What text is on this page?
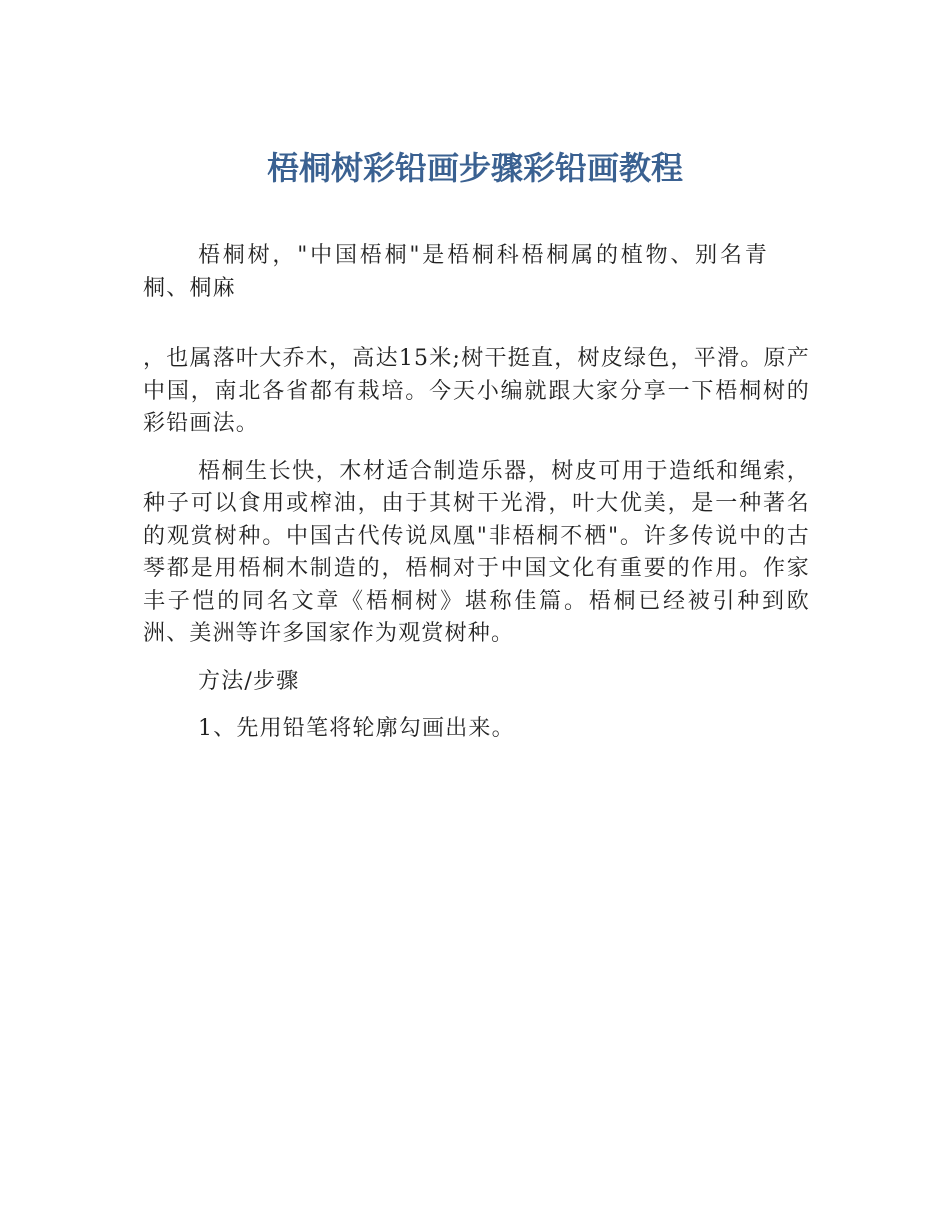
梧桐树彩铅画步骤彩铅画教程

梧桐树，"中国梧桐"是梧桐科梧桐属的植物、别名青桐、桐麻

，也属落叶大乔木，高达15米;树干挺直，树皮绿色，平滑。原产中国，南北各省都有栽培。今天小编就跟大家分享一下梧桐树的彩铅画法。

梧桐生长快，木材适合制造乐器，树皮可用于造纸和绳索，种子可以食用或榨油，由于其树干光滑，叶大优美，是一种著名的观赏树种。中国古代传说凤凰"非梧桐不栖"。许多传说中的古琴都是用梧桐木制造的，梧桐对于中国文化有重要的作用。作家丰子恺的同名文章《梧桐树》堪称佳篇。梧桐已经被引种到欧洲、美洲等许多国家作为观赏树种。

方法/步骤

1、先用铅笔将轮廓勾画出来。
